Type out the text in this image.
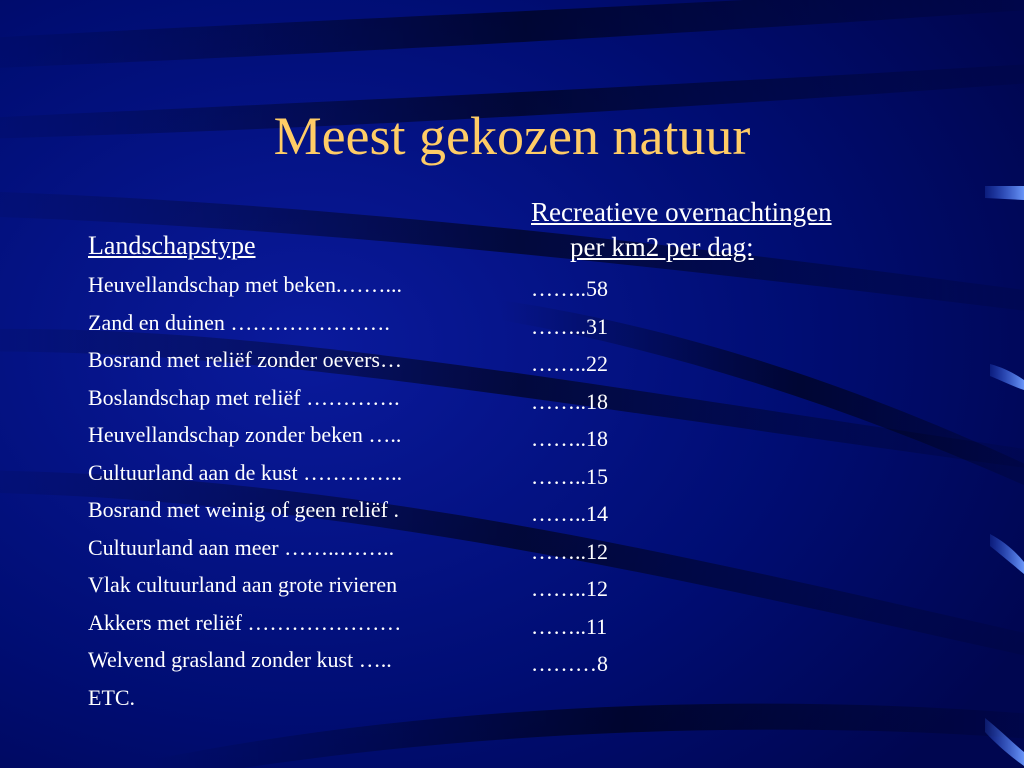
Meest gekozen natuur
Landschapstype
Heuvellandschap met beken.……...
Zand en duinen ………………….
Bosrand met reliëf zonder oevers…
Boslandschap met reliëf ………….
Heuvellandschap zonder beken …..
Cultuurland aan de kust …………..
Bosrand met weinig of geen reliëf .
Cultuurland aan meer ……..……..
Vlak cultuurland aan grote rivieren
Akkers met reliëf …………………
Welvend grasland zonder kust …..
ETC.
Recreatieve overnachtingen
per km2 per dag:
……..58
……..31
……..22
……..18
……..18
……..15
……..14
……..12
……..12
……..11
………8
